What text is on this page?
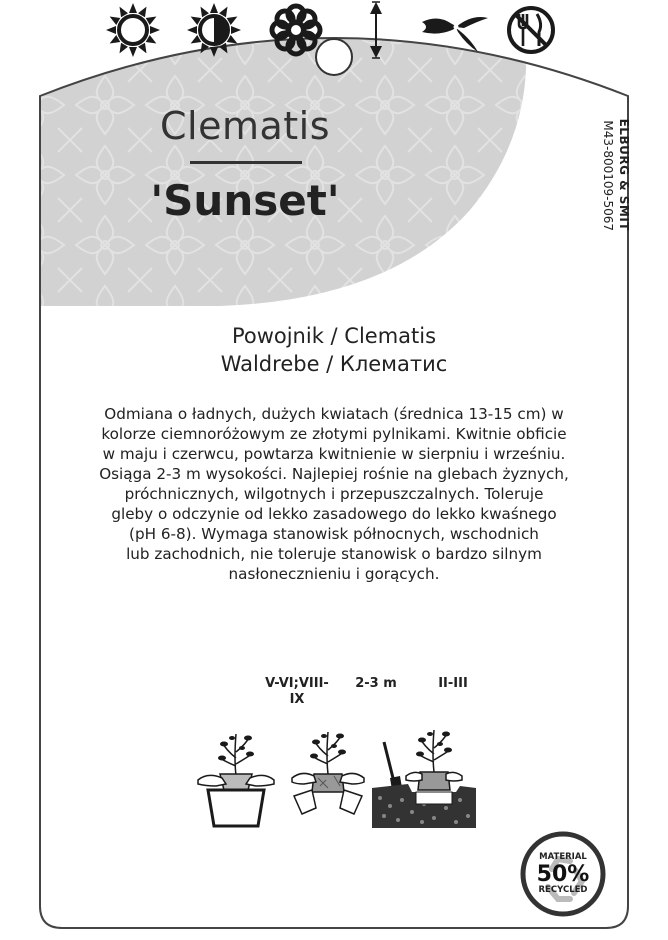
Clematis
'Sunset'	ELBURG & SMIT
M43-800109-5067
Powojnik / Clematis
Waldrebe / Клематис
Odmiana o ładnych, dużych kwiatach (średnica 13-15 cm) w
kolorze ciemnoróżowym ze złotymi pylnikami. Kwitnie obficie
w maju i czerwcu, powtarza kwitnienie w sierpniu i wrześniu.
Osiąga 2-3 m wysokości. Najlepiej rośnie na glebach żyznych,
próchnicznych, wilgotnych i przepuszczalnych. Toleruje
gleby o odczynie od lekko zasadowego do lekko kwaśnego
(pH 6-8). Wymaga stanowisk północnych, wschodnich
lub zachodnich, nie toleruje stanowisk o bardzo silnym
nasłonecznieniu i gorących.
V-VI;VIII-
IX
2-3 m	II-III
MATERIAL
50%
RECYCLED
